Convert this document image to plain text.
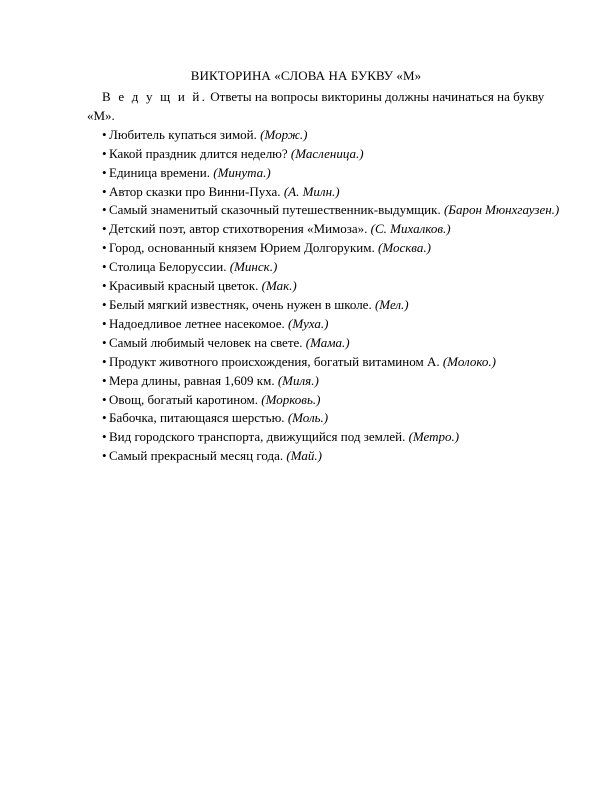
ВИКТОРИНА «СЛОВА НА БУКВУ «М»

В е д у щ и й. Ответы на вопросы викторины должны начинаться на букву «М».

• Любитель купаться зимой. (Морж.)

• Какой праздник длится неделю? (Масленица.)

• Единица времени. (Минута.)

• Автор сказки про Винни-Пуха. (А. Милн.)

• Самый знаменитый сказочный путешественник-выдумщик. (Барон Мюнхгаузен.)

• Детский поэт, автор стихотворения «Мимоза». (С. Михалков.)

• Город, основанный князем Юрием Долгоруким. (Москва.)

• Столица Белоруссии. (Минск.)

• Красивый красный цветок. (Мак.)

• Белый мягкий известняк, очень нужен в школе. (Мел.)

• Надоедливое летнее насекомое. (Муха.)

• Самый любимый человек на свете. (Мама.)

• Продукт животного происхождения, богатый витамином А. (Молоко.)

• Мера длины, равная 1,609 км. (Миля.)

• Овощ, богатый каротином. (Морковь.)

• Бабочка, питающаяся шерстью. (Моль.)

• Вид городского транспорта, движущийся под землей. (Метро.)

• Самый прекрасный месяц года. (Май.)
